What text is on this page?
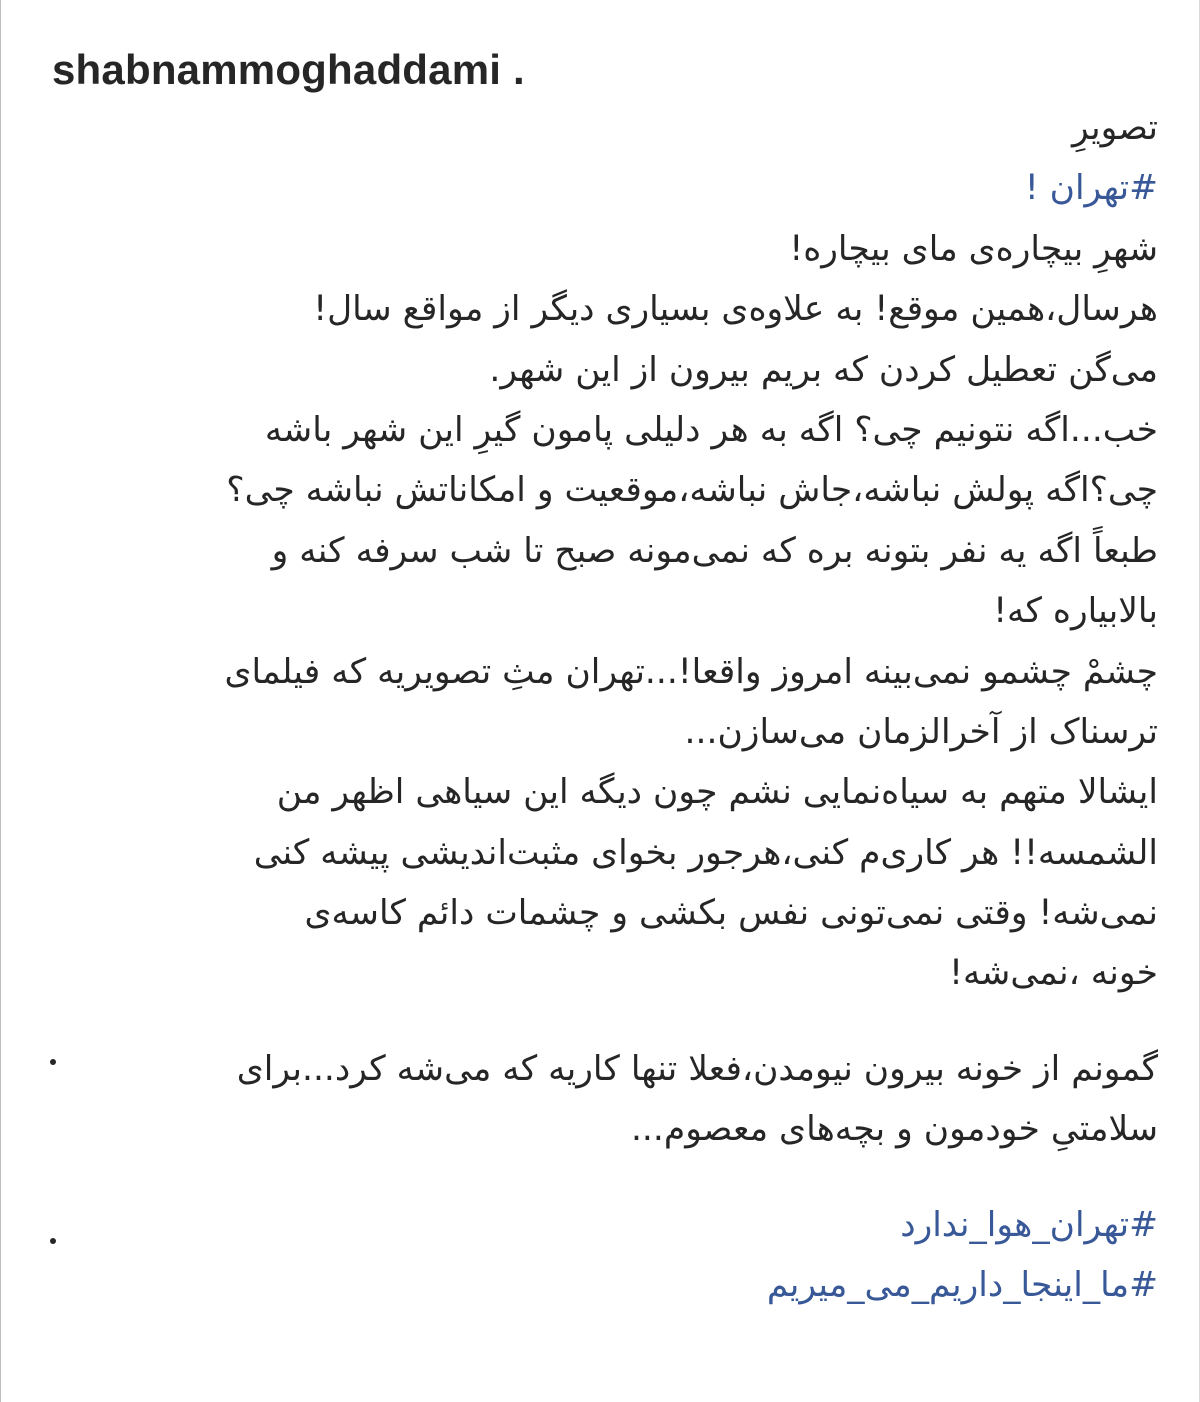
shabnammoghaddami .
تصویرِ
#تهران !
شهرِ بیچاره‌ی مای بیچاره!
هرسال،همین موقع! به علاوه‌ی بسیاری دیگر از مواقع سال!
می‌گن تعطیل کردن که بریم بیرون از این شهر.
خب...اگه نتونیم چی؟ اگه به هر دلیلی پامون گیرِ این شهر باشه
چی؟اگه پولش نباشه،جاش نباشه،موقعیت و امکاناتش نباشه چی؟
طبعاً اگه یه نفر بتونه بره که نمی‌مونه صبح تا شب سرفه کنه و
بالابیاره که!
چشمْ چشمو نمی‌بینه امروز واقعا!...تهران مثِ تصویریه که فیلمای
ترسناک از آخرالزمان می‌سازن...
ایشالا متهم به سیاه‌نمایی نشم چون دیگه این سیاهی اظهر من
الشمسه!! هر کاری‌م کنی،هرجور بخوای مثبت‌اندیشی پیشه کنی
نمی‌شه! وقتی نمی‌تونی نفس بکشی و چشمات دائم کاسه‌ی
خونه ،نمی‌شه!
گمونم از خونه بیرون نیومدن،فعلا تنها کاریه که می‌شه کرد...برای
سلامتیِ خودمون و بچه‌های معصوم...
#تهران_هوا_ندارد
#ما_اینجا_داریم_می_میریم
